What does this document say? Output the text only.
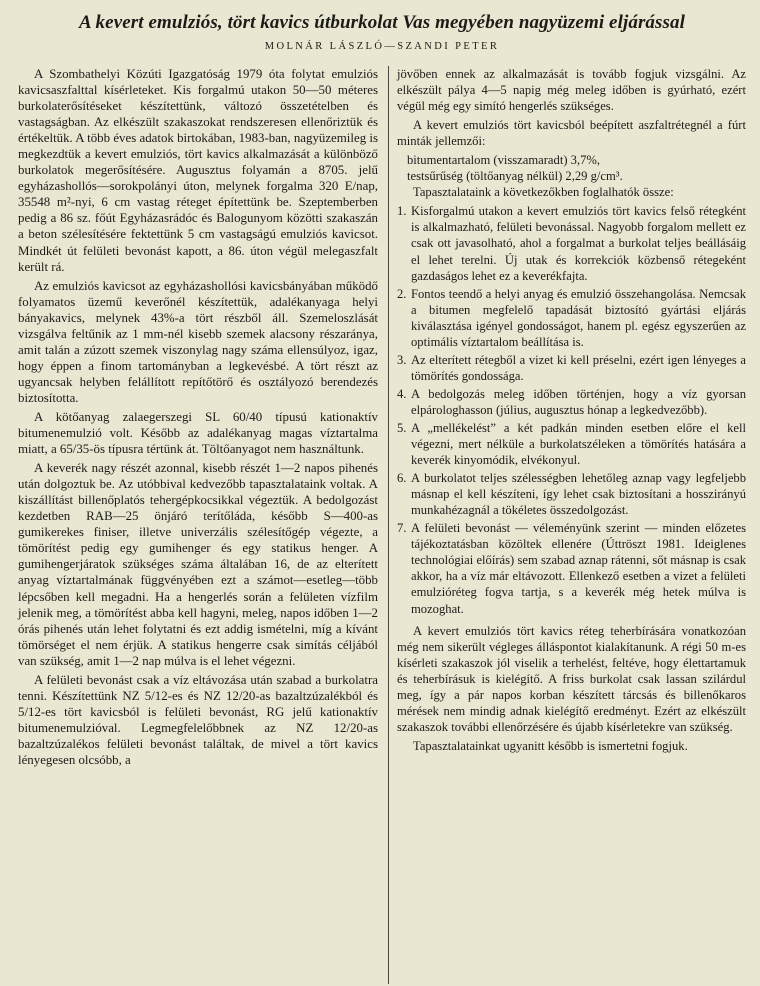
A kevert emulziós, tört kavics útburkolat Vas megyében nagyüzemi eljárással
MOLNÁR LÁSZLÓ—SZANDI PETER

A Szombathelyi Közúti Igazgatóság 1979 óta folytat emulziós kavicsaszfalttal kísérleteket. Kis forgalmú utakon 50—50 méteres burkolaterősítéseket készítettünk, változó összetételben és vastagságban. Az elkészült szakaszokat rendszeresen ellenőriztük és értékeltük. A több éves adatok birtokában, 1983-ban, nagyüzemileg is megkezdtük a kevert emulziós, tört kavics alkalmazását a különböző burkolatok megerősítésére. Augusztus folyamán a 8705. jelű egyházashollós—sorokpolányi úton, melynek forgalma 320 E/nap, 35548 m²-nyi, 6 cm vastag réteget építettünk be. Szeptemberben pedig a 86 sz. főút Egyházasrádóc és Balogunyom közötti szakaszán a beton szélesítésére fektettünk 5 cm vastagságú emulziós kavicsot. Mindkét út felületi bevonást kapott, a 86. úton végül melegaszfalt került rá.

Az emulziós kavicsot az egyházashollósi kavicsbányában működő folyamatos üzemű keverőnél készítettük, adalékanyaga helyi bányakavics, melynek 43%-a tört részből áll. Szemeloszlását vizsgálva feltűnik az 1 mm-nél kisebb szemek alacsony részaránya, amit talán a zúzott szemek viszonylag nagy száma ellensúlyoz, igaz, hogy éppen a finom tartományban a legkevésbé. A tört részt az ugyancsak helyben felállított repítőtörő és osztályozó berendezés biztosította.

A kötőanyag zalaegerszegi SL 60/40 típusú kationaktív bitumenemulzió volt. Később az adalékanyag magas víztartalma miatt, a 65/35-ös típusra tértünk át. Töltőanyagot nem használtunk.

A keverék nagy részét azonnal, kisebb részét 1—2 napos pihenés után dolgoztuk be. Az utóbbival kedvezőbb tapasztalataink voltak. A kiszállítást billenőplatós tehergépkocsikkal végeztük. A bedolgozást kezdetben RAB—25 önjáró terítőláda, később S—400-as gumikerekes finiser, illetve univerzális szélesítőgép végezte, a tömörítést pedig egy gumihenger és egy statikus henger. A gumihengerjáratok szükséges száma általában 16, de az elterített anyag víztartalmának függvényében ezt a számot—esetleg—több lépcsőben kell megadni. Ha a hengerlés során a felületen vízfilm jelenik meg, a tömörítést abba kell hagyni, meleg, napos időben 1—2 órás pihenés után lehet folytatni és ezt addig ismételni, míg a kívánt tömörséget el nem érjük. A statikus hengerre csak simítás céljából van szükség, amit 1—2 nap múlva is el lehet végezni.

A felületi bevonást csak a víz eltávozása után szabad a burkolatra tenni. Készítettünk NZ 5/12-es és NZ 12/20-as bazaltzúzalékból és 5/12-es tört kavicsból is felületi bevonást, RG jelű kationaktív bitumenemulzióval. Legmegfelelőbbnek az NZ 12/20-as bazaltzúzalékos felületi bevonást találtak, de mivel a tört kavics lényegesen olcsóbb, a

jövőben ennek az alkalmazását is tovább fogjuk vizsgálni. Az elkészült pálya 4—5 napig még meleg időben is gyúrható, ezért végül még egy simító hengerlés szükséges.

A kevert emulziós tört kavicsból beépített aszfaltrétegnél a fúrt minták jellemzői:

bitumentartalom (visszamaradt) 3,7%,

testsűrűség (töltőanyag nélkül) 2,29 g/cm³.

Tapasztalataink a következőkben foglalhatók össze:

1. Kisforgalmú utakon a kevert emulziós tört kavics felső rétegként is alkalmazható, felületi bevonással. Nagyobb forgalom mellett ez csak ott javasolható, ahol a forgalmat a burkolat teljes beállásáig el lehet terelni. Új utak és korrekciók közbenső rétegeként gazdaságos lehet ez a keverékfajta.
2. Fontos teendő a helyi anyag és emulzió összehangolása. Nemcsak a bitumen megfelelő tapadását biztosító gyártási eljárás kiválasztása igényel gondosságot, hanem pl. egész egyszerűen az optimális víztartalom beállítása is.
3. Az elterített rétegből a vizet ki kell préselni, ezért igen lényeges a tömörítés gondossága.
4. A bedolgozás meleg időben történjen, hogy a víz gyorsan elpárologhasson (július, augusztus hónap a legkedvezőbb).
5. A „mellékelést” a két padkán minden esetben előre el kell végezni, mert nélküle a burkolatszéleken a tömörítés hatására a keverék kinyomódik, elvékonyul.
6. A burkolatot teljes szélességben lehetőleg aznap vagy legfeljebb másnap el kell készíteni, így lehet csak biztosítani a hosszirányú munkahézagnál a tökéletes összedolgozást.
7. A felületi bevonást — véleményünk szerint — minden előzetes tájékoztatásban közöltek ellenére (Úttröszt 1981. Ideiglenes technológiai előírás) sem szabad aznap rátenni, sőt másnap is csak akkor, ha a víz már eltávozott. Ellenkező esetben a vizet a felületi emulzióréteg fogva tartja, s a keverék még hetek múlva is mozoghat.

A kevert emulziós tört kavics réteg teherbírására vonatkozóan még nem sikerült végleges álláspontot kialakítanunk. A régi 50 m-es kísérleti szakaszok jól viselik a terhelést, feltéve, hogy élettartamuk és teherbírásuk is kielégítő. A friss burkolat csak lassan szilárdul meg, így a pár napos korban készített tárcsás és billenőkaros mérések nem mindig adnak kielégítő eredményt. Ezért az elkészült szakaszok további ellenőrzésére és újabb kísérletekre van szükség.

Tapasztalatainkat ugyanitt később is ismertetni fogjuk.
